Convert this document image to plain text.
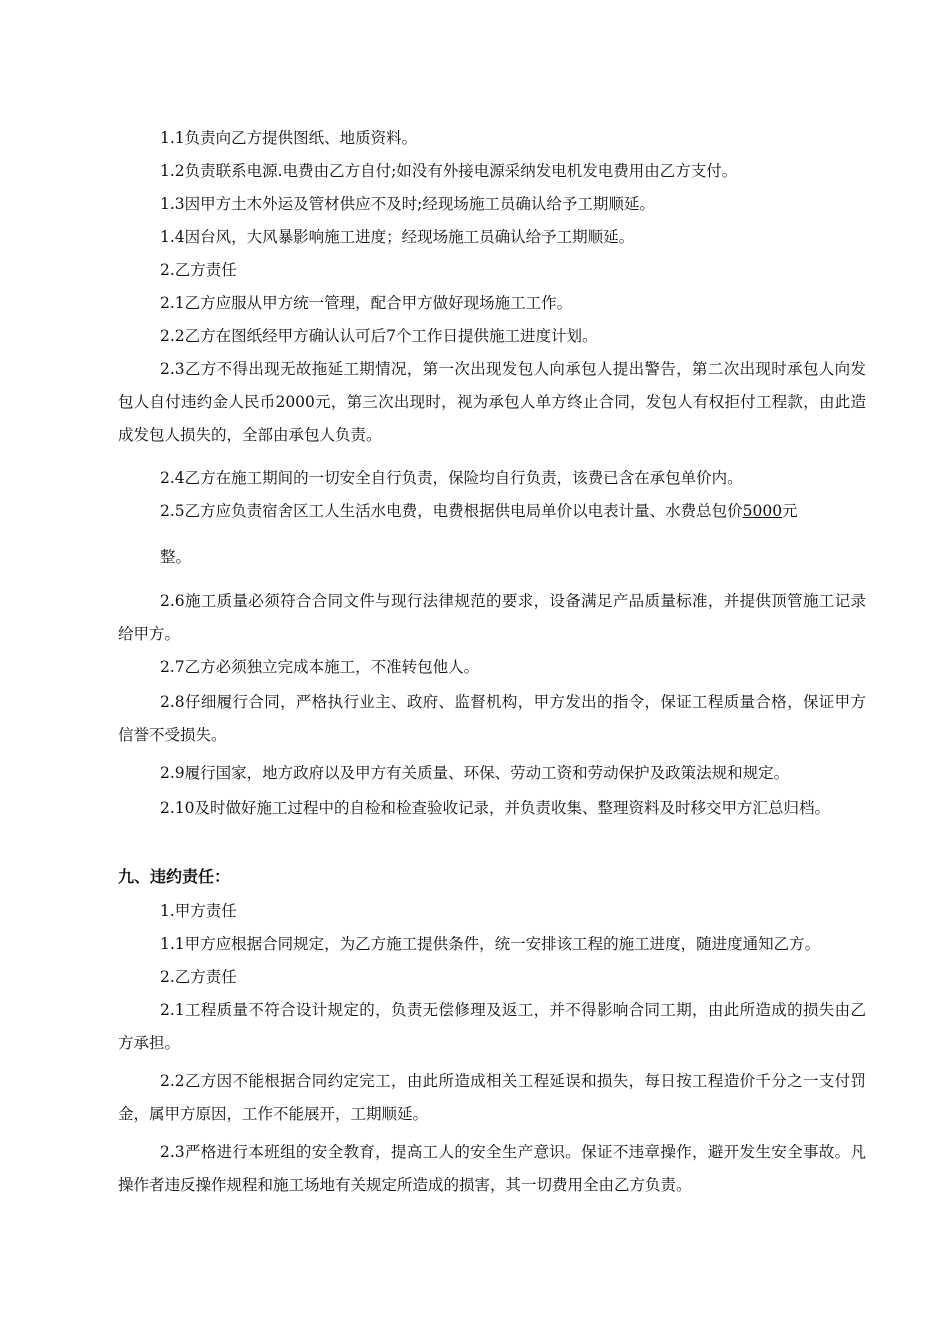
1.1负责向乙方提供图纸、地质资料。

1.2负责联系电源.电费由乙方自付;如没有外接电源采纳发电机发电费用由乙方支付。

1.3因甲方土木外运及管材供应不及时;经现场施工员确认给予工期顺延。

1.4因台风，大风暴影响施工进度；经现场施工员确认给予工期顺延。

2.乙方责任

2.1乙方应服从甲方统一管理，配合甲方做好现场施工工作。

2.2乙方在图纸经甲方确认认可后7个工作日提供施工进度计划。

2.3乙方不得出现无故拖延工期情况，第一次出现发包人向承包人提出警告，第二次出现时承包人向发包人自付违约金人民币2000元，第三次出现时，视为承包人单方终止合同，发包人有权拒付工程款，由此造成发包人损失的，全部由承包人负责。

2.4乙方在施工期间的一切安全自行负责，保险均自行负责，该费已含在承包单价内。

2.5乙方应负责宿舍区工人生活水电费，电费根据供电局单价以电表计量、水费总包价5000元

整。

2.6施工质量必须符合合同文件与现行法律规范的要求，设备满足产品质量标准，并提供顶管施工记录给甲方。

2.7乙方必须独立完成本施工，不准转包他人。

2.8仔细履行合同，严格执行业主、政府、监督机构，甲方发出的指令，保证工程质量合格，保证甲方信誉不受损失。

2.9履行国家，地方政府以及甲方有关质量、环保、劳动工资和劳动保护及政策法规和规定。

2.10及时做好施工过程中的自检和检查验收记录，并负责收集、整理资料及时移交甲方汇总归档。

九、违约责任：

1.甲方责任

1.1甲方应根据合同规定，为乙方施工提供条件，统一安排该工程的施工进度，随进度通知乙方。

2.乙方责任

2.1工程质量不符合设计规定的，负责无偿修理及返工，并不得影响合同工期，由此所造成的损失由乙方承担。

2.2乙方因不能根据合同约定完工，由此所造成相关工程延误和损失，每日按工程造价千分之一支付罚金，属甲方原因，工作不能展开，工期顺延。

2.3严格进行本班组的安全教育，提高工人的安全生产意识。保证不违章操作，避开发生安全事故。凡操作者违反操作规程和施工场地有关规定所造成的损害，其一切费用全由乙方负责。
